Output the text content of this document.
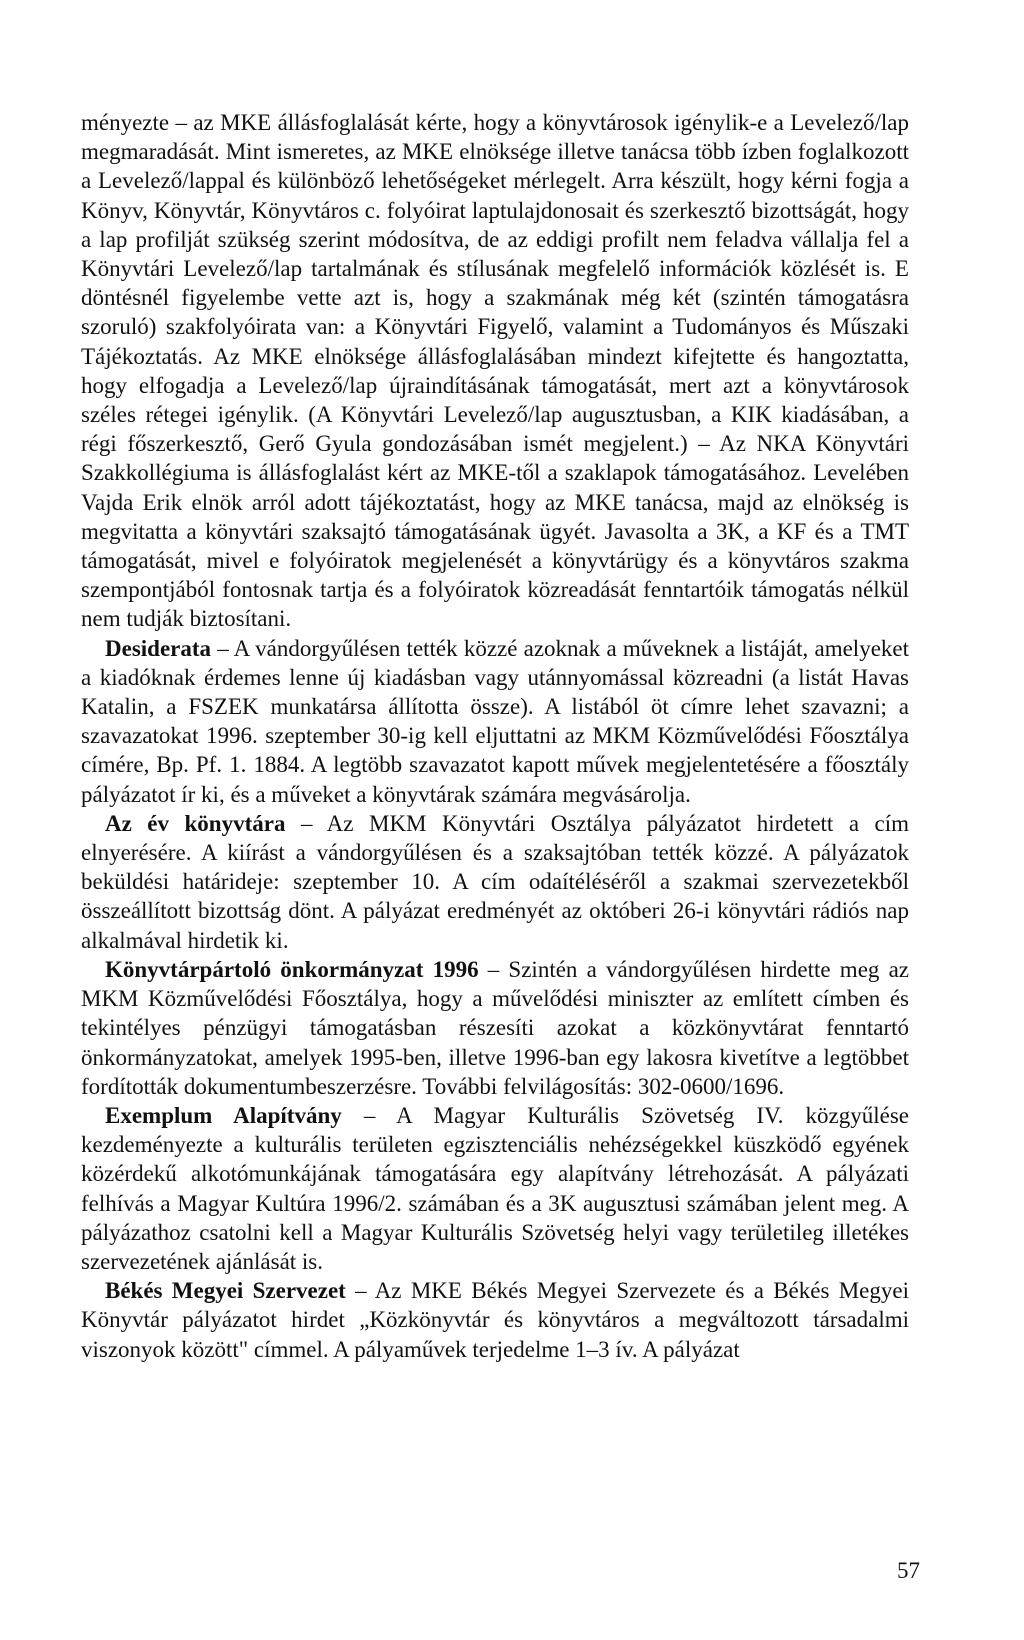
ményezte – az MKE állásfoglalását kérte, hogy a könyvtárosok igénylik-e a Levelező/lap megmaradását. Mint ismeretes, az MKE elnöksége illetve tanácsa több ízben foglalkozott a Levelező/lappal és különböző lehetőségeket mérlegelt. Arra készült, hogy kérni fogja a Könyv, Könyvtár, Könyvtáros c. folyóirat laptulajdonosait és szerkesztő bizottságát, hogy a lap profilját szükség szerint módosítva, de az eddigi profilt nem feladva vállalja fel a Könyvtári Levelező/lap tartalmának és stílusának megfelelő információk közlését is. E döntésnél figyelembe vette azt is, hogy a szakmának még két (szintén támogatásra szoruló) szakfolyóirata van: a Könyvtári Figyelő, valamint a Tudományos és Műszaki Tájékoztatás. Az MKE elnöksége állásfoglalásában mindezt kifejtette és hangoztatta, hogy elfogadja a Levelező/lap újraindításának támogatását, mert azt a könyvtárosok széles rétegei igénylik. (A Könyvtári Levelező/lap augusztusban, a KIK kiadásában, a régi főszerkesztő, Gerő Gyula gondozásában ismét megjelent.) – Az NKA Könyvtári Szakkollégiuma is állásfoglalást kért az MKE-től a szaklapok támogatásához. Levelében Vajda Erik elnök arról adott tájékoztatást, hogy az MKE tanácsa, majd az elnökség is megvitatta a könyvtári szaksajtó támogatásának ügyét. Javasolta a 3K, a KF és a TMT támogatását, mivel e folyóiratok megjelenését a könyvtárügy és a könyvtáros szakma szempontjából fontosnak tartja és a folyóiratok közreadását fenntartóik támogatás nélkül nem tudják biztosítani.

Desiderata – A vándorgyűlésen tették közzé azoknak a műveknek a listáját, amelyeket a kiadóknak érdemes lenne új kiadásban vagy utánnyomással közreadni (a listát Havas Katalin, a FSZEK munkatársa állította össze). A listából öt címre lehet szavazni; a szavazatokat 1996. szeptember 30-ig kell eljuttatni az MKM Közművelődési Főosztálya címére, Bp. Pf. 1. 1884. A legtöbb szavazatot kapott művek megjelentetésére a főosztály pályázatot ír ki, és a műveket a könyvtárak számára megvásárolja.

Az év könyvtára – Az MKM Könyvtári Osztálya pályázatot hirdetett a cím elnyerésére. A kiírást a vándorgyűlésen és a szaksajtóban tették közzé. A pályázatok beküldési határideje: szeptember 10. A cím odaítéléséről a szakmai szervezetekből összeállított bizottság dönt. A pályázat eredményét az októberi 26-i könyvtári rádiós nap alkalmával hirdetik ki.

Könyvtárpártoló önkormányzat 1996 – Szintén a vándorgyűlésen hirdette meg az MKM Közművelődési Főosztálya, hogy a művelődési miniszter az említett címben és tekintélyes pénzügyi támogatásban részesíti azokat a közkönyvtárat fenntartó önkormányzatokat, amelyek 1995-ben, illetve 1996-ban egy lakosra kivetítve a legtöbbet fordították dokumentumbeszerzésre. További felvilágosítás: 302-0600/1696.

Exemplum Alapítvány – A Magyar Kulturális Szövetség IV. közgyűlése kezdeményezte a kulturális területen egzisztenciális nehézségekkel küszködő egyének közérdekű alkotómunkájának támogatására egy alapítvány létrehozását. A pályázati felhívás a Magyar Kultúra 1996/2. számában és a 3K augusztusi számában jelent meg. A pályázathoz csatolni kell a Magyar Kulturális Szövetség helyi vagy területileg illetékes szervezetének ajánlását is.

Békés Megyei Szervezet – Az MKE Békés Megyei Szervezete és a Békés Megyei Könyvtár pályázatot hirdet „Közkönyvtár és könyvtáros a megváltozott társadalmi viszonyok között" címmel. A pályaművek terjedelme 1–3 ív. A pályázat

57
